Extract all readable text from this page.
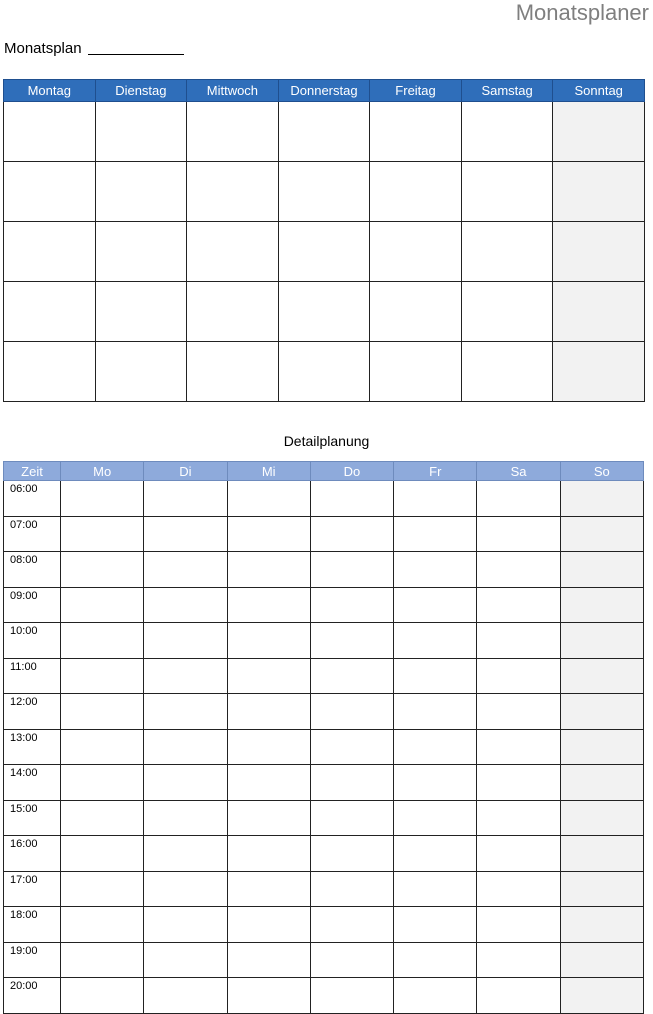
Monatsplaner
Monatsplan
Montag	Dienstag	Mittwoch	Donnerstag	Freitag	Samstag	Sonntag

Detailplanung
Zeit	Mo	Di	Mi	Do	Fr	Sa	So
06:00							
07:00							
08:00							
09:00							
10:00							
11:00							
12:00							
13:00							
14:00							
15:00							
16:00							
17:00							
18:00							
19:00							
20:00							
